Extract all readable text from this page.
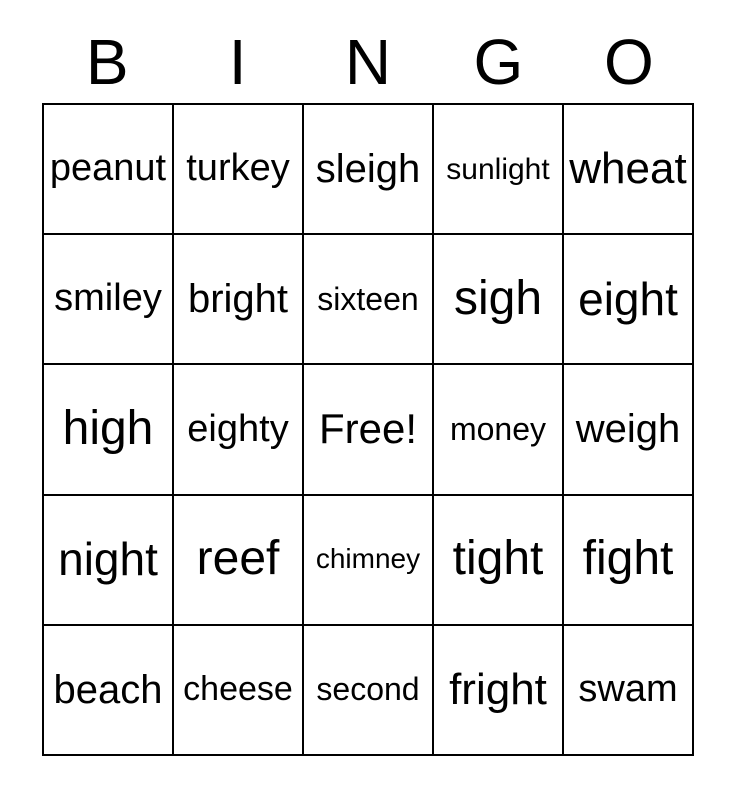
B	I	N	G	O
peanut turkey sleigh sunlight wheat
smiley bright sixteen sigh eight
high eighty Free! money weigh
night reef chimney tight fight
beach cheese second fright swam
